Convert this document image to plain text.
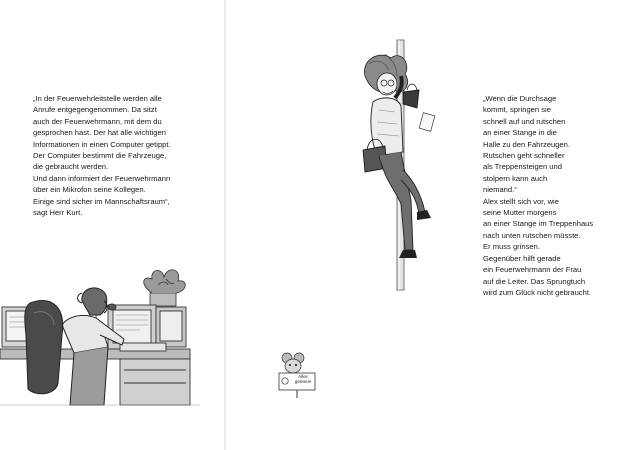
„In der Feuerwehrleitstelle werden alle
Anrufe entgegengenommen. Da sitzt
auch der Feuerwehrmann, mit dem du
gesprochen hast. Der hat alle wichtigen
Informationen in einen Computer getippt.
Der Computer bestimmt die Fahrzeuge,
die gebraucht werden.
Und dann informiert der Feuerwehrmann
über ein Mikrofon seine Kollegen.
Einige sind sicher im Mannschaftsraum“,
sagt Herr Kurt.
„Wenn die Durchsage
kommt, springen sie
schnell auf und rutschen
an einer Stange in die
Halle zu den Fahrzeugen.
Rutschen geht schneller
als Treppensteigen und
stolpern kann auch
niemand.“
Alex stellt sich vor, wie
seine Mutter morgens
an einer Stange im Treppenhaus
nach unten rutschen müsste.
Er muss grinsen.
Gegenüber hilft gerade
ein Feuerwehrmann der Frau
auf die Leiter. Das Sprungtuch
wird zum Glück nicht gebraucht.
Alles
gelesen!
